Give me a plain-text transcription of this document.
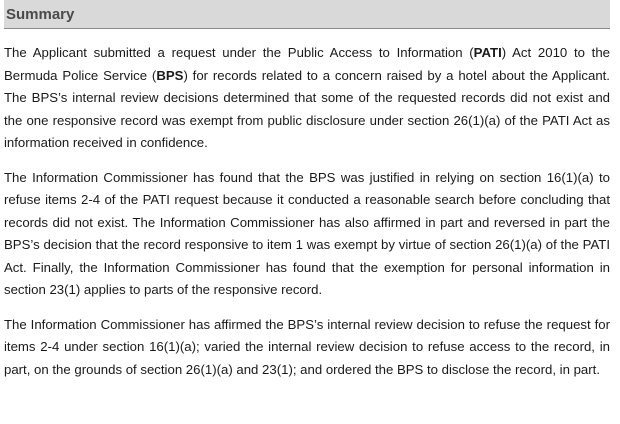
Summary

The Applicant submitted a request under the Public Access to Information (PATI) Act 2010 to the Bermuda Police Service (BPS) for records related to a concern raised by a hotel about the Applicant. The BPS’s internal review decisions determined that some of the requested records did not exist and the one responsive record was exempt from public disclosure under section 26(1)(a) of the PATI Act as information received in confidence.

The Information Commissioner has found that the BPS was justified in relying on section 16(1)(a) to refuse items 2-4 of the PATI request because it conducted a reasonable search before concluding that records did not exist. The Information Commissioner has also affirmed in part and reversed in part the BPS’s decision that the record responsive to item 1 was exempt by virtue of section 26(1)(a) of the PATI Act. Finally, the Information Commissioner has found that the exemption for personal information in section 23(1) applies to parts of the responsive record.

The Information Commissioner has affirmed the BPS’s internal review decision to refuse the request for items 2-4 under section 16(1)(a); varied the internal review decision to refuse access to the record, in part, on the grounds of section 26(1)(a) and 23(1); and ordered the BPS to disclose the record, in part.
